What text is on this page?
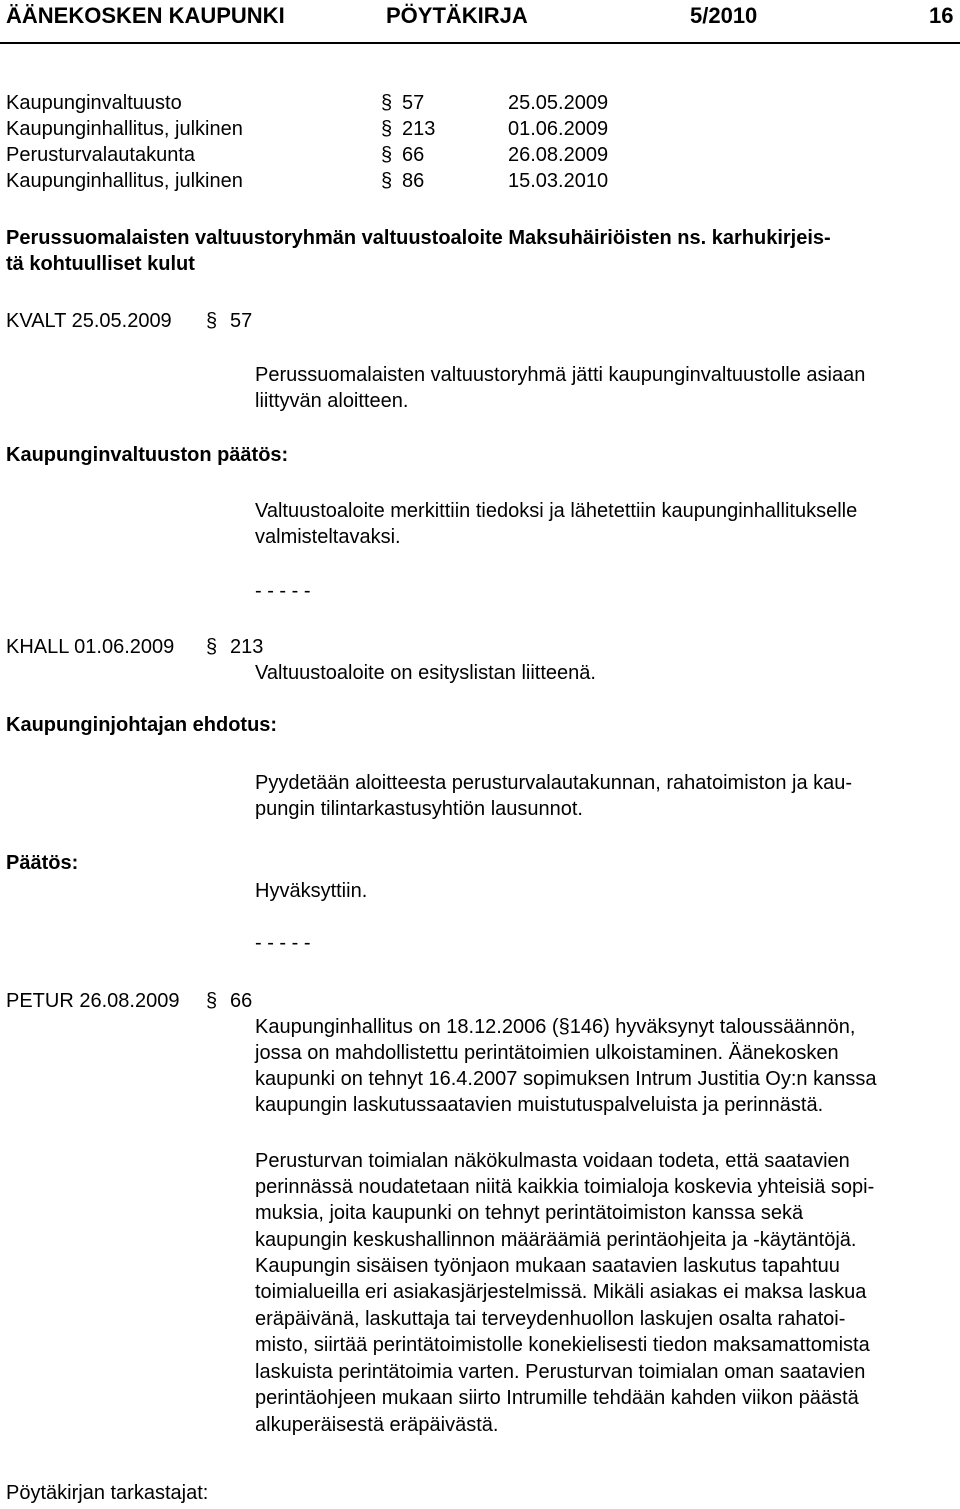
ÄÄNEKOSKEN KAUPUNKI	PÖYTÄKIRJA	5/2010	16
Kaupunginvaltuusto	§ 57	25.05.2009
Kaupunginhallitus, julkinen	§ 213	01.06.2009
Perusturvalautakunta	§ 66	26.08.2009
Kaupunginhallitus, julkinen	§ 86	15.03.2010
Perussuomalaisten valtuustoryhmän valtuustoaloite Maksuhäiriöisten ns. karhukirjeis-
tä kohtuulliset kulut
KVALT 25.05.2009 § 57
Perussuomalaisten valtuustoryhmä jätti kaupunginvaltuustolle asiaan
liittyvän aloitteen.
Kaupunginvaltuuston päätös:
Valtuustoaloite merkittiin tiedoksi ja lähetettiin kaupunginhallitukselle
valmisteltavaksi.
- - - - -
KHALL 01.06.2009 § 213
Valtuustoaloite on esityslistan liitteenä.
Kaupunginjohtajan ehdotus:
Pyydetään aloitteesta perusturvalautakunnan, rahatoimiston ja kau-
pungin tilintarkastusyhtiön lausunnot.
Päätös:
Hyväksyttiin.
- - - - -
PETUR 26.08.2009 § 66
Kaupunginhallitus on 18.12.2006 (§146) hyväksynyt taloussäännön,
jossa on mahdollistettu perintätoimien ulkoistaminen. Äänekosken
kaupunki on tehnyt 16.4.2007 sopimuksen Intrum Justitia Oy:n kanssa
kaupungin laskutussaatavien muistutuspalveluista ja perinnästä.
Perusturvan toimialan näkökulmasta voidaan todeta, että saatavien
perinnässä noudatetaan niitä kaikkia toimialoja koskevia yhteisiä sopi-
muksia, joita kaupunki on tehnyt perintätoimiston kanssa sekä
kaupungin keskushallinnon määräämiä perintäohjeita ja -käytäntöjä.
Kaupungin sisäisen työnjaon mukaan saatavien laskutus tapahtuu
toimialueilla eri asiakasjärjestelmissä. Mikäli asiakas ei maksa laskua
eräpäivänä, laskuttaja tai terveydenhuollon laskujen osalta rahatoi-
misto, siirtää perintätoimistolle konekielisesti tiedon maksamattomista
laskuista perintätoimia varten. Perusturvan toimialan oman saatavien
perintäohjeen mukaan siirto Intrumille tehdään kahden viikon päästä
alkuperäisestä eräpäivästä.
Pöytäkirjan tarkastajat:
